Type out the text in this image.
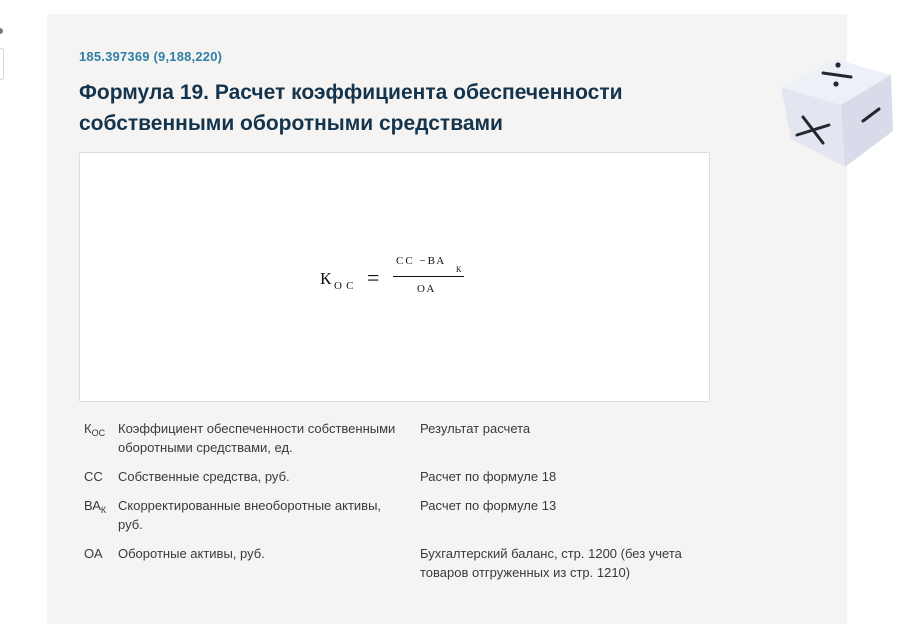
185.397369 (9,188,220)
Формула 19. Расчет коэффициента обеспеченности собственными оборотными средствами
К ОС =
СС −ВА
К
ОА
$К_{ОС}$ Коэффициент обеспеченности собственными оборотными средствами, ед.
Результат расчета
СС Собственные средства, руб.	Расчет по формуле 18
$ВА_К$ Скорректированные внеоборотные активы, руб.
Расчет по формуле 13
ОА Оборотные активы, руб.	Бухгалтерский баланс, стр. 1200 (без учета товаров отгруженных из стр. 1210)
